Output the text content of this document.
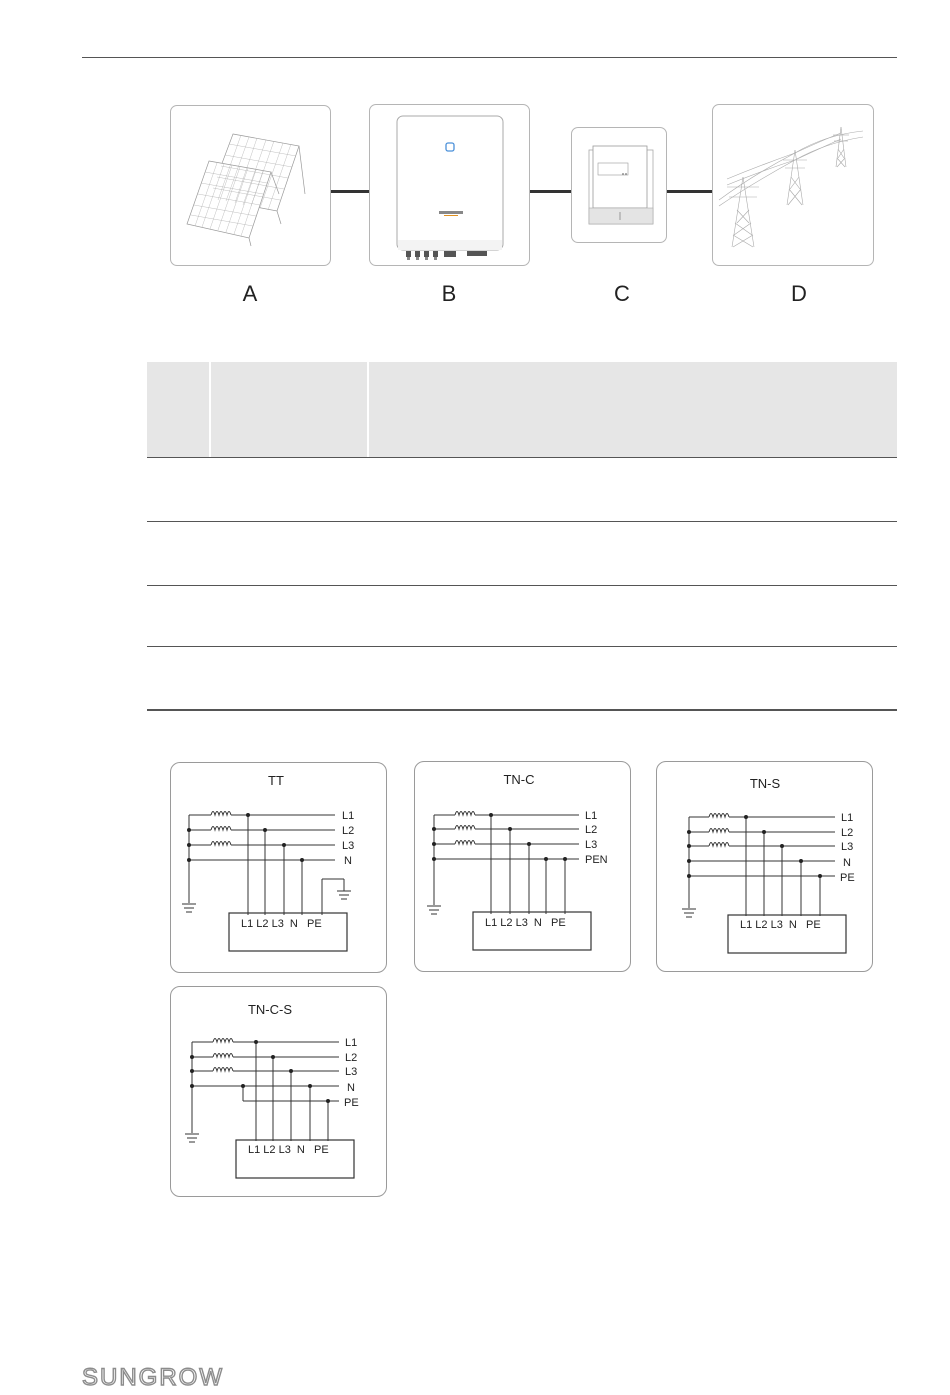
A	B	C	D
TT
L1
L2
L3
N
L1 L2 L3  N   PE
TN-C
L1
L2
L3
PEN
L1 L2 L3  N   PE
TN-S
L1
L2
L3
N
PE
L1 L2 L3  N   PE
TN-C-S
L1
L2
L3
N
PE
L1 L2 L3  N   PE
SUNGROW
